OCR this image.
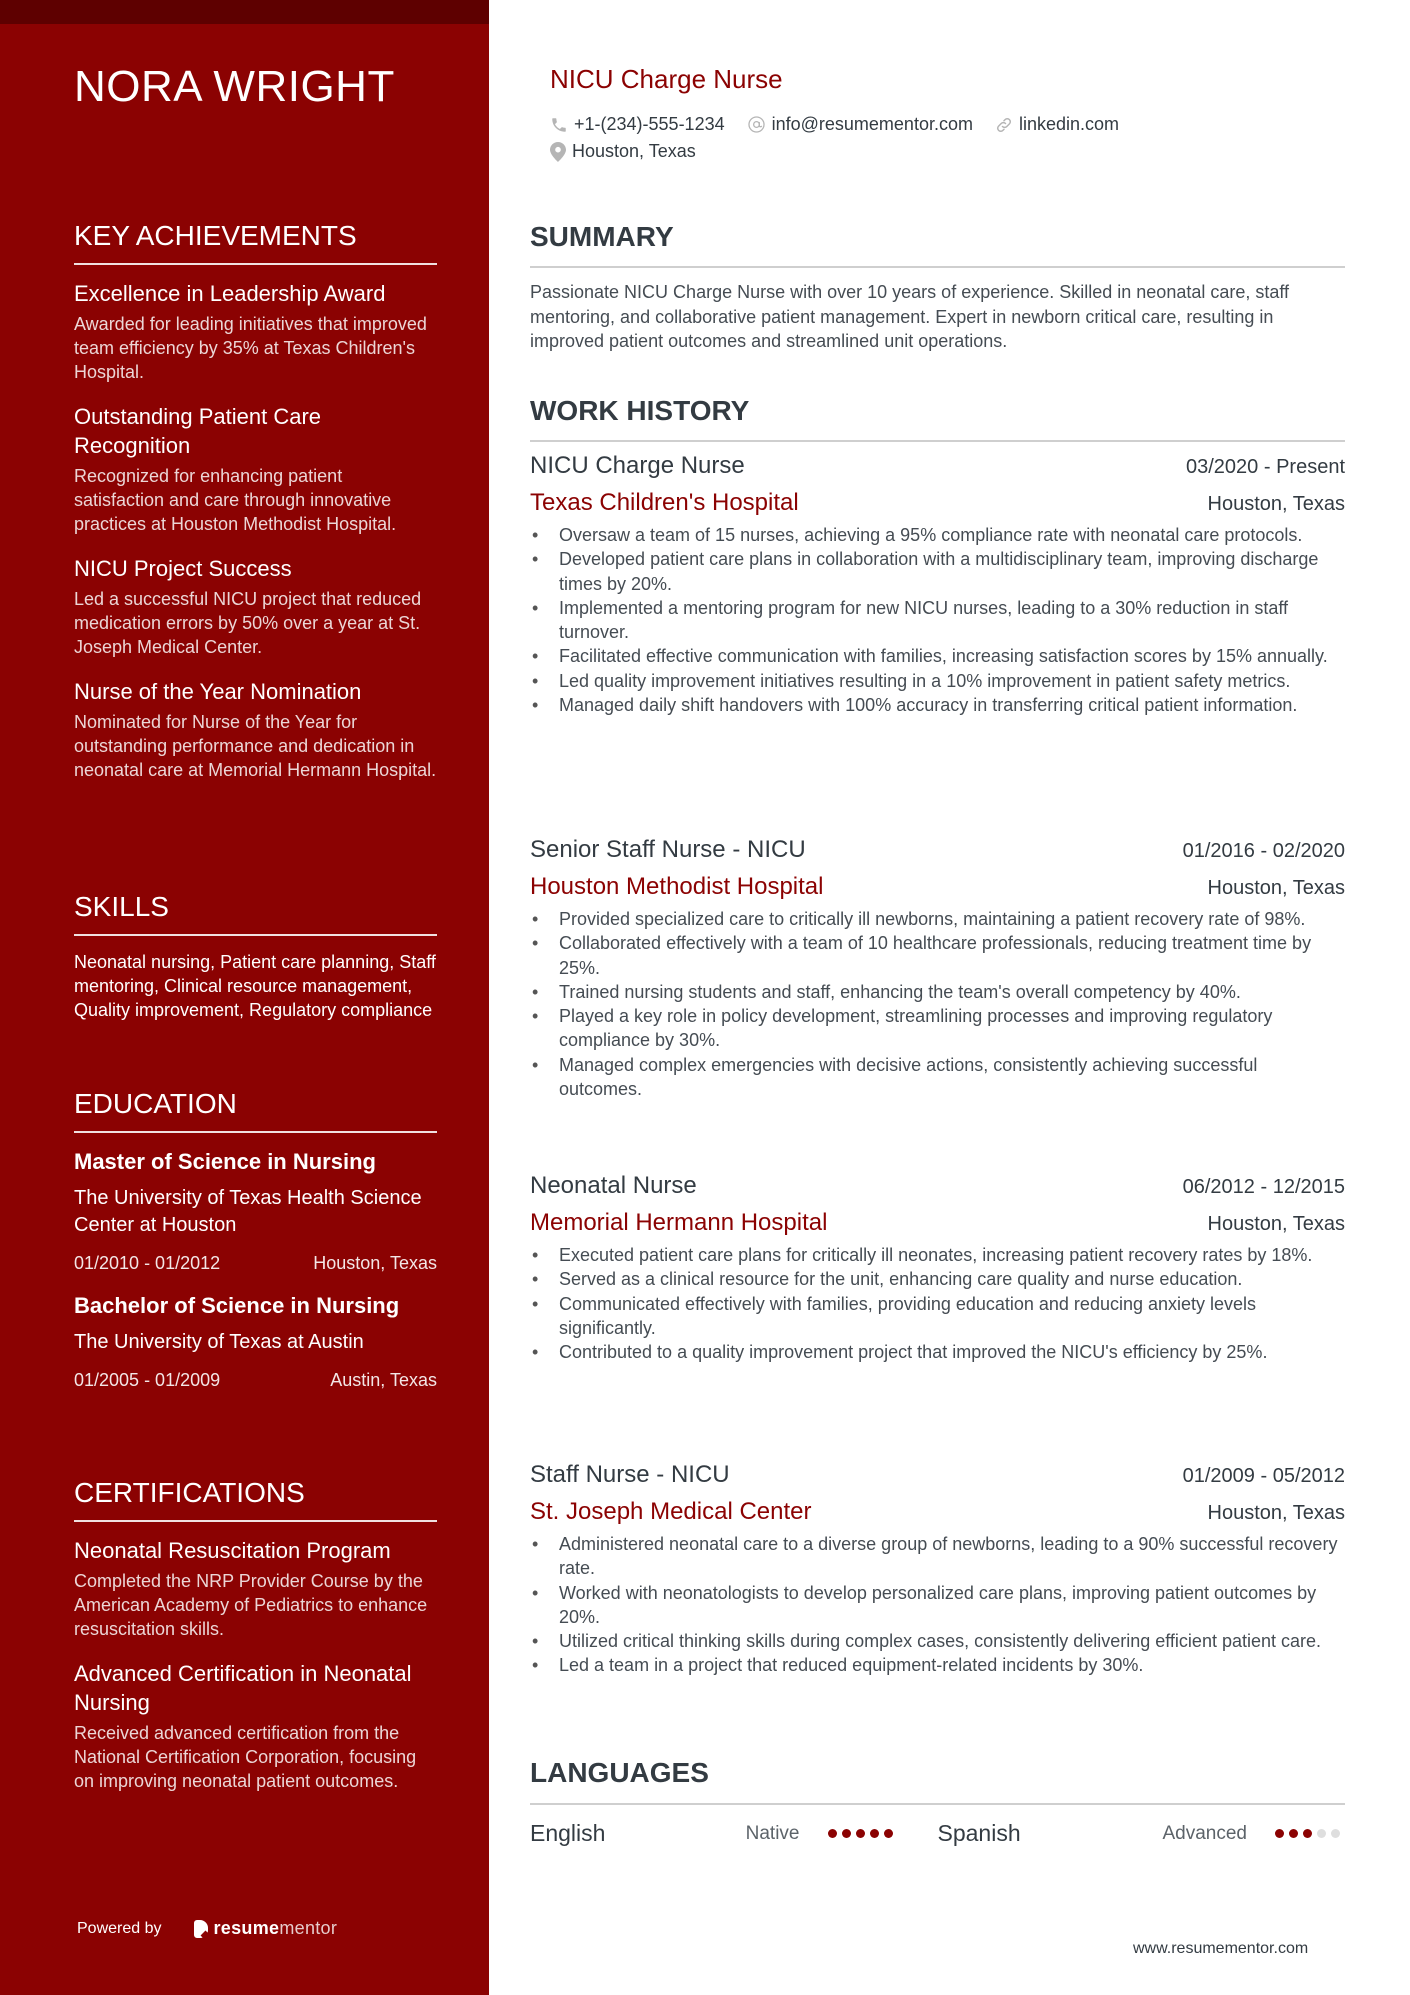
NORA WRIGHT
KEY ACHIEVEMENTS
Excellence in Leadership Award
Awarded for leading initiatives that improved team efficiency by 35% at Texas Children's Hospital.
Outstanding Patient Care Recognition
Recognized for enhancing patient satisfaction and care through innovative practices at Houston Methodist Hospital.
NICU Project Success
Led a successful NICU project that reduced medication errors by 50% over a year at St. Joseph Medical Center.
Nurse of the Year Nomination
Nominated for Nurse of the Year for outstanding performance and dedication in neonatal care at Memorial Hermann Hospital.
SKILLS

Neonatal nursing, Patient care planning, Staff mentoring, Clinical resource management, Quality improvement, Regulatory compliance

EDUCATION
Master of Science in Nursing
The University of Texas Health Science Center at Houston
01/2010 - 01/2012	Houston, Texas
Bachelor of Science in Nursing
The University of Texas at Austin
01/2005 - 01/2009	Austin, Texas
CERTIFICATIONS
Neonatal Resuscitation Program
Completed the NRP Provider Course by the American Academy of Pediatrics to enhance resuscitation skills.
Advanced Certification in Neonatal Nursing
Received advanced certification from the National Certification Corporation, focusing on improving neonatal patient outcomes.
Powered by	resume mentor
NICU Charge Nurse
+1-(234)-555-1234	info@resumementor.com	linkedin.com
Houston, Texas
SUMMARY

Passionate NICU Charge Nurse with over 10 years of experience. Skilled in neonatal care, staff mentoring, and collaborative patient management. Expert in newborn critical care, resulting in improved patient outcomes and streamlined unit operations.

WORK HISTORY
NICU Charge Nurse	03/2020 - Present
Texas Children's Hospital	Houston, Texas
• Oversaw a team of 15 nurses, achieving a 95% compliance rate with neonatal care protocols.
• Developed patient care plans in collaboration with a multidisciplinary team, improving discharge times by 20%.
• Implemented a mentoring program for new NICU nurses, leading to a 30% reduction in staff turnover.
• Facilitated effective communication with families, increasing satisfaction scores by 15% annually.
• Led quality improvement initiatives resulting in a 10% improvement in patient safety metrics.
• Managed daily shift handovers with 100% accuracy in transferring critical patient information.
Senior Staff Nurse - NICU	01/2016 - 02/2020
Houston Methodist Hospital	Houston, Texas
• Provided specialized care to critically ill newborns, maintaining a patient recovery rate of 98%.
• Collaborated effectively with a team of 10 healthcare professionals, reducing treatment time by 25%.
• Trained nursing students and staff, enhancing the team's overall competency by 40%.
• Played a key role in policy development, streamlining processes and improving regulatory compliance by 30%.
• Managed complex emergencies with decisive actions, consistently achieving successful outcomes.
Neonatal Nurse	06/2012 - 12/2015
Memorial Hermann Hospital	Houston, Texas
• Executed patient care plans for critically ill neonates, increasing patient recovery rates by 18%.
• Served as a clinical resource for the unit, enhancing care quality and nurse education.
• Communicated effectively with families, providing education and reducing anxiety levels significantly.
• Contributed to a quality improvement project that improved the NICU's efficiency by 25%.
Staff Nurse - NICU	01/2009 - 05/2012
St. Joseph Medical Center	Houston, Texas
• Administered neonatal care to a diverse group of newborns, leading to a 90% successful recovery rate.
• Worked with neonatologists to develop personalized care plans, improving patient outcomes by 20%.
• Utilized critical thinking skills during complex cases, consistently delivering efficient patient care.
• Led a team in a project that reduced equipment-related incidents by 30%.
LANGUAGES
English	Native	Spanish	Advanced
www.resumementor.com
